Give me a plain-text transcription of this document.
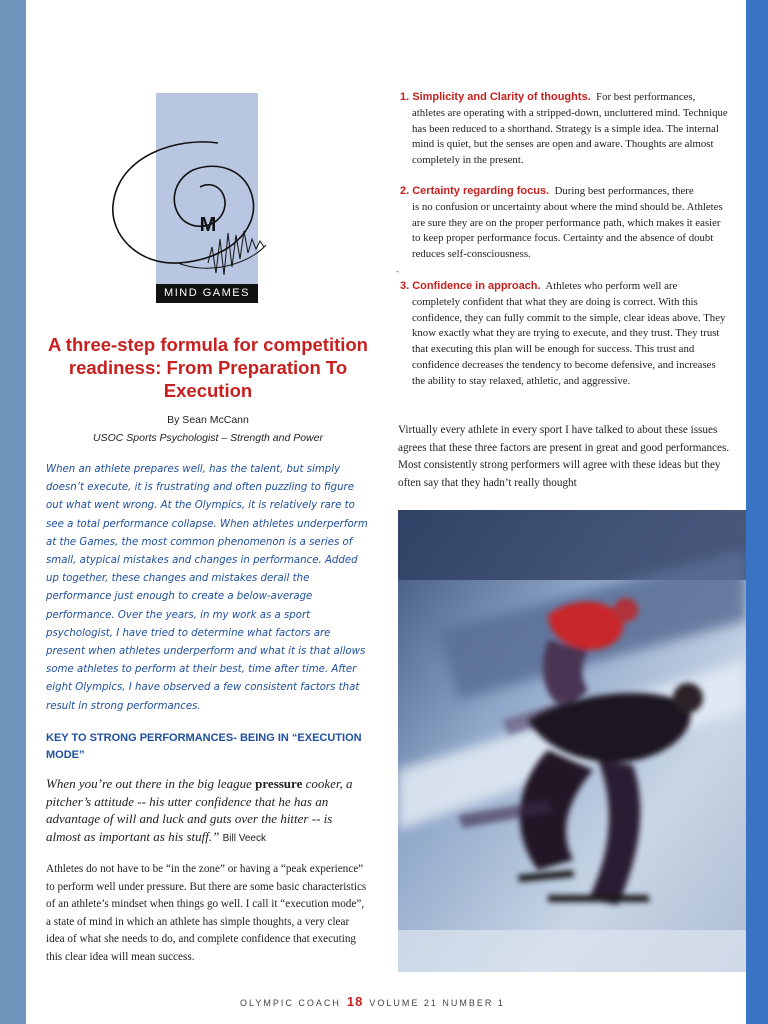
M
MIND GAMES
A three-step formula for competition readiness: From Preparation To Execution
By Sean McCann
USOC Sports Psychologist – Strength and Power

When an athlete prepares well, has the talent, but simply doesn’t execute, it is frustrating and often puzzling to figure out what went wrong. At the Olympics, it is relatively rare to see a total performance collapse. When athletes underperform at the Games, the most common phenomenon is a series of small, atypical mistakes and changes in performance. Added up together, these changes and mistakes derail the performance just enough to create a below-average performance. Over the years, in my work as a sport psychologist, I have tried to determine what factors are present when athletes underperform and what it is that allows some athletes to perform at their best, time after time. After eight Olympics, I have observed a few consistent factors that result in strong performances.

KEY TO STRONG PERFORMANCES- BEING IN “EXECUTION MODE”

When you’re out there in the big league pressure cooker, a pitcher’s attitude -- his utter confidence that he has an advantage of will and luck and guts over the hitter -- is almost as important as his stuff.” Bill Veeck

Athletes do not have to be “in the zone” or having a “peak experience” to perform well under pressure. But there are some basic characteristics of an athlete’s mindset when things go well. I call it “execution mode”, a state of mind in which an athlete has simple thoughts, a very clear idea of what she needs to do, and complete confidence that executing this clear idea will mean success.

1. Simplicity and Clarity of thoughts. For best performances,
athletes are operating with a stripped-down, uncluttered mind. Technique has been reduced to a shorthand. Strategy is a simple idea. The internal mind is quiet, but the senses are open and aware. Thoughts are almost completely in the present.
2. Certainty regarding focus. During best performances, there
is no confusion or uncertainty about where the mind should be. Athletes are sure they are on the proper performance path, which makes it easier to keep proper performance focus. Certainty and the absence of doubt reduces self-consciousness.
-
3. Confidence in approach. Athletes who perform well are
completely confident that what they are doing is correct. With this confidence, they can fully commit to the simple, clear ideas above. They know exactly what they are trying to execute, and they trust. They trust that executing this plan will be enough for success. This trust and confidence decreases the tendency to become defensive, and increases the ability to stay relaxed, athletic, and aggressive.

Virtually every athlete in every sport I have talked to about these issues agrees that these three factors are present in great and good performances. Most consistently strong performers will agree with these ideas but they often say that they hadn’t really thought

OLYMPIC COACH 18 VOLUME 21 NUMBER 1
